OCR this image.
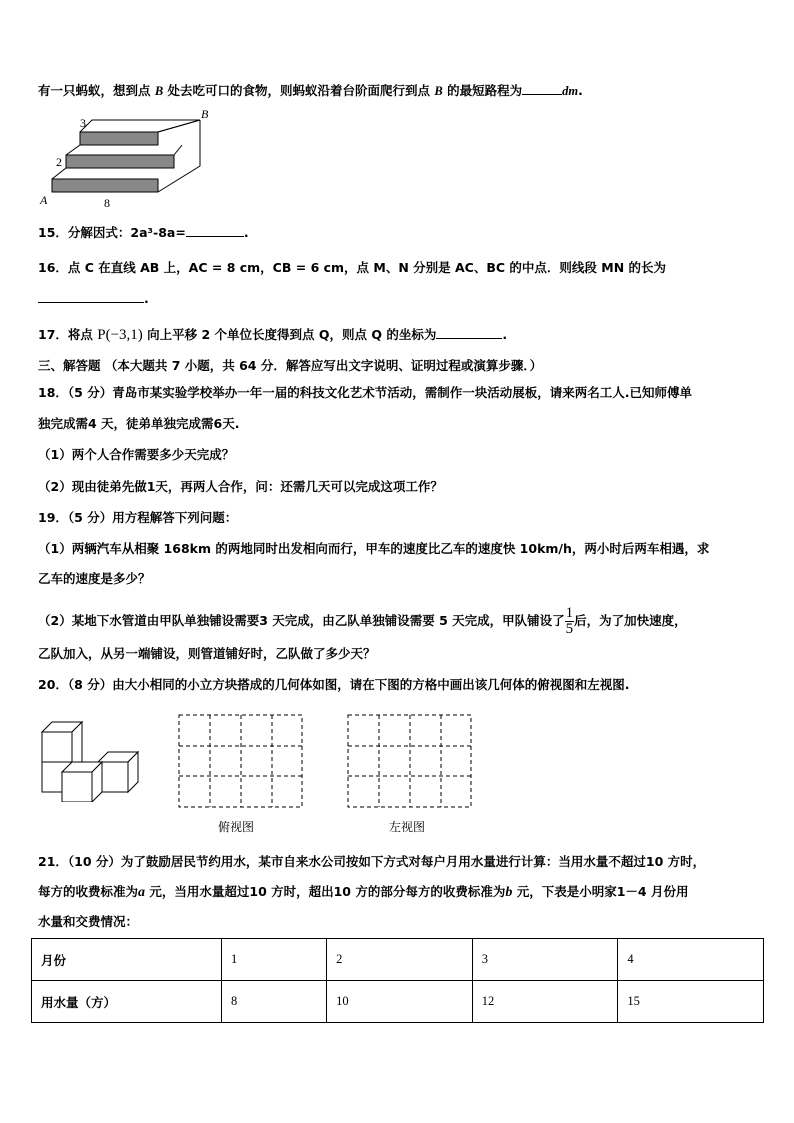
有一只蚂蚁，想到点 B 处去吃可口的食物，则蚂蚁沿着台阶面爬行到点 B 的最短路程为	dm.
3
2
8
A
B
15．分解因式：2a³-8a=	.
16．点 C 在直线 AB 上，AC = 8 cm，CB = 6 cm，点 M、N 分别是 AC、BC 的中点．则线段 MN 的长为
.
17．将点 P(−3,1) 向上平移 2 个单位长度得到点 Q，则点 Q 的坐标为	.
三、解答题 （本大题共 7 小题，共 64 分．解答应写出文字说明、证明过程或演算步骤．）
18．（5 分）青岛市某实验学校举办一年一届的科技文化艺术节活动，需制作一块活动展板，请来两名工人.已知师傅单
独完成需4 天，徒弟单独完成需6天.
（1）两个人合作需要多少天完成？
（2）现由徒弟先做1天，再两人合作，问：还需几天可以完成这项工作？
19．（5 分）用方程解答下列问题：
（1）两辆汽车从相聚 168km 的两地同时出发相向而行，甲车的速度比乙车的速度快 10km/h，两小时后两车相遇，求
乙车的速度是多少？
（2）某地下水管道由甲队单独铺设需要3 天完成，由乙队单独铺设需要 5 天完成，甲队铺设了 $\frac{1}{5}$ 后，为了加快速度，
乙队加入，从另一端铺设，则管道铺好时，乙队做了多少天？
20．（8 分）由大小相同的小立方块搭成的几何体如图，请在下图的方格中画出该几何体的俯视图和左视图.
俯视图	左视图
21．（10 分）为了鼓励居民节约用水，某市自来水公司按如下方式对每户月用水量进行计算：当用水量不超过10 方时，
每方的收费标准为a 元，当用水量超过10 方时，超出10 方的部分每方的收费标准为b 元，下表是小明家1－4 月份用
水量和交费情况：
月份	1	2	3	4
用水量（方）	8	10	12	15
